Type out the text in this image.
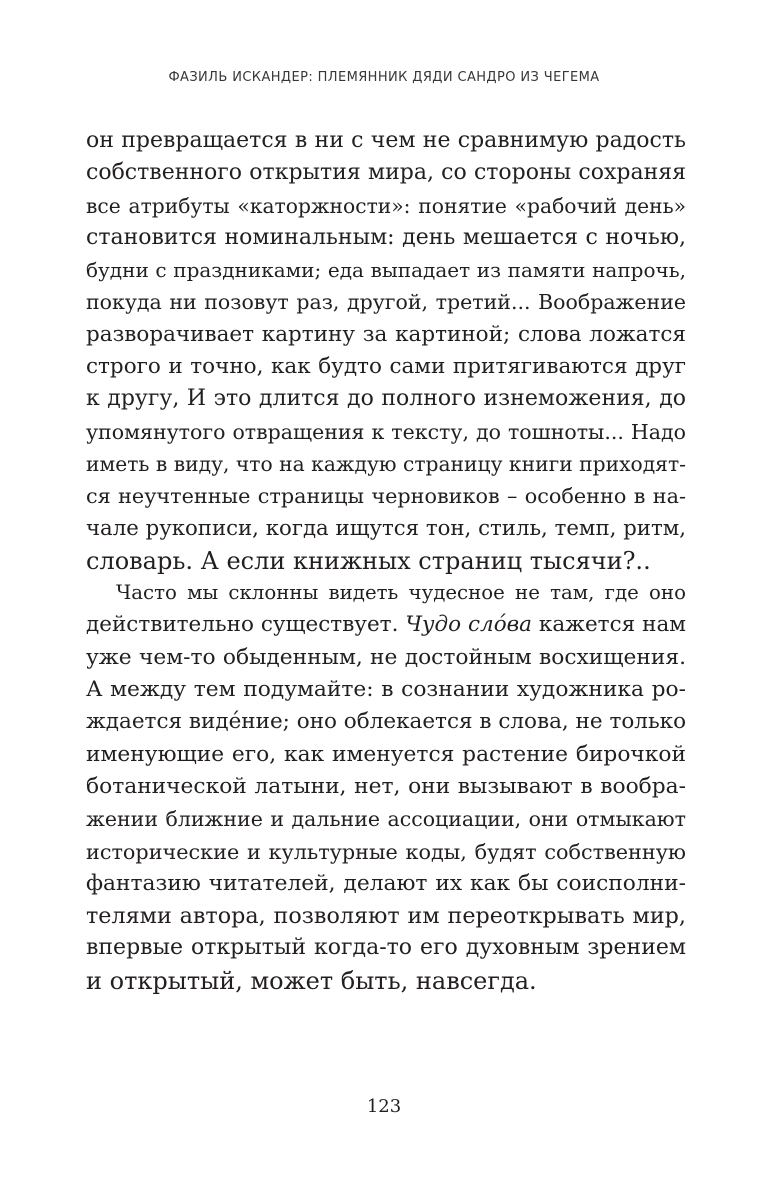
ФАЗИЛЬ ИСКАНДЕР: ПЛЕМЯННИК ДЯДИ САНДРО ИЗ ЧЕГЕМА
он превращается в ни с чем не сравнимую радость
собственного открытия мира, со стороны сохраняя
все атрибуты «каторжности»: понятие «рабочий день»
становится номинальным: день мешается с ночью,
будни с праздниками; еда выпадает из памяти напрочь,
покуда ни позовут раз, другой, третий... Воображение
разворачивает картину за картиной; слова ложатся
строго и точно, как будто сами притягиваются друг
к другу, И это длится до полного изнеможения, до
упомянутого отвращения к тексту, до тошноты... Надо
иметь в виду, что на каждую страницу книги приходят-
ся неучтенные страницы черновиков – особенно в на-
чале рукописи, когда ищутся тон, стиль, темп, ритм,
словарь. А если книжных страниц тысячи?..
Часто мы склонны видеть чудесное не там, где оно
действительно существует. Чудо сло́ва кажется нам
уже чем-то обыденным, не достойным восхищения.
А между тем подумайте: в сознании художника ро-
ждается виде́ние; оно облекается в слова, не только
именующие его, как именуется растение бирочкой
ботанической латыни, нет, они вызывают в вообра-
жении ближние и дальние ассоциации, они отмыкают
исторические и культурные коды, будят собственную
фантазию читателей, делают их как бы соисполни-
телями автора, позволяют им переоткрывать мир,
впервые открытый когда-то его духовным зрением
и открытый, может быть, навсегда.
123
